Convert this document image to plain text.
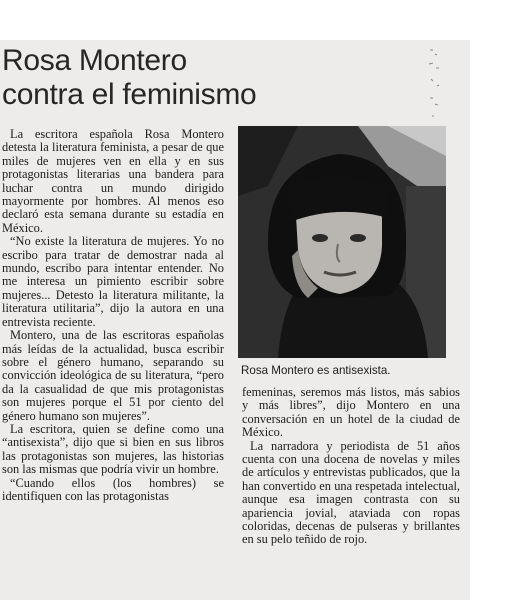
Rosa Montero
contra el feminismo

La escritora española Rosa Montero detesta la literatura feminista, a pesar de que miles de mujeres ven en ella y en sus protagonistas literarias una bandera para luchar contra un mundo dirigido mayormente por hombres. Al menos eso declaró esta semana durante su estadía en México.

“No existe la literatura de mujeres. Yo no escribo para tratar de demostrar nada al mundo, escribo para intentar entender. No me interesa un pimiento escribir sobre mujeres... Detesto la literatura militante, la literatura utilitaria”, dijo la autora en una entrevista reciente.

Montero, una de las escritoras españolas más leídas de la actualidad, busca escribir sobre el género humano, separando su convicción ideológica de su literatura, “pero da la casualidad de que mis protagonistas son mujeres porque el 51 por ciento del género humano son mujeres”.

La escritora, quien se define como una “antisexista”, dijo que si bien en sus libros las protagonistas son mujeres, las historias son las mismas que podría vivir un hombre.

“Cuando ellos (los hombres) se identifiquen con las protagonistas

Rosa Montero es antisexista.

femeninas, seremos más listos, más sabios y más libres”, dijo Montero en una conversación en un hotel de la ciudad de México.

La narradora y periodista de 51 años cuenta con una docena de novelas y miles de artículos y entrevistas publicados, que la han convertido en una respetada intelectual, aunque esa imagen contrasta con su apariencia jovial, ataviada con ropas coloridas, decenas de pulseras y brillantes en su pelo teñido de rojo.
